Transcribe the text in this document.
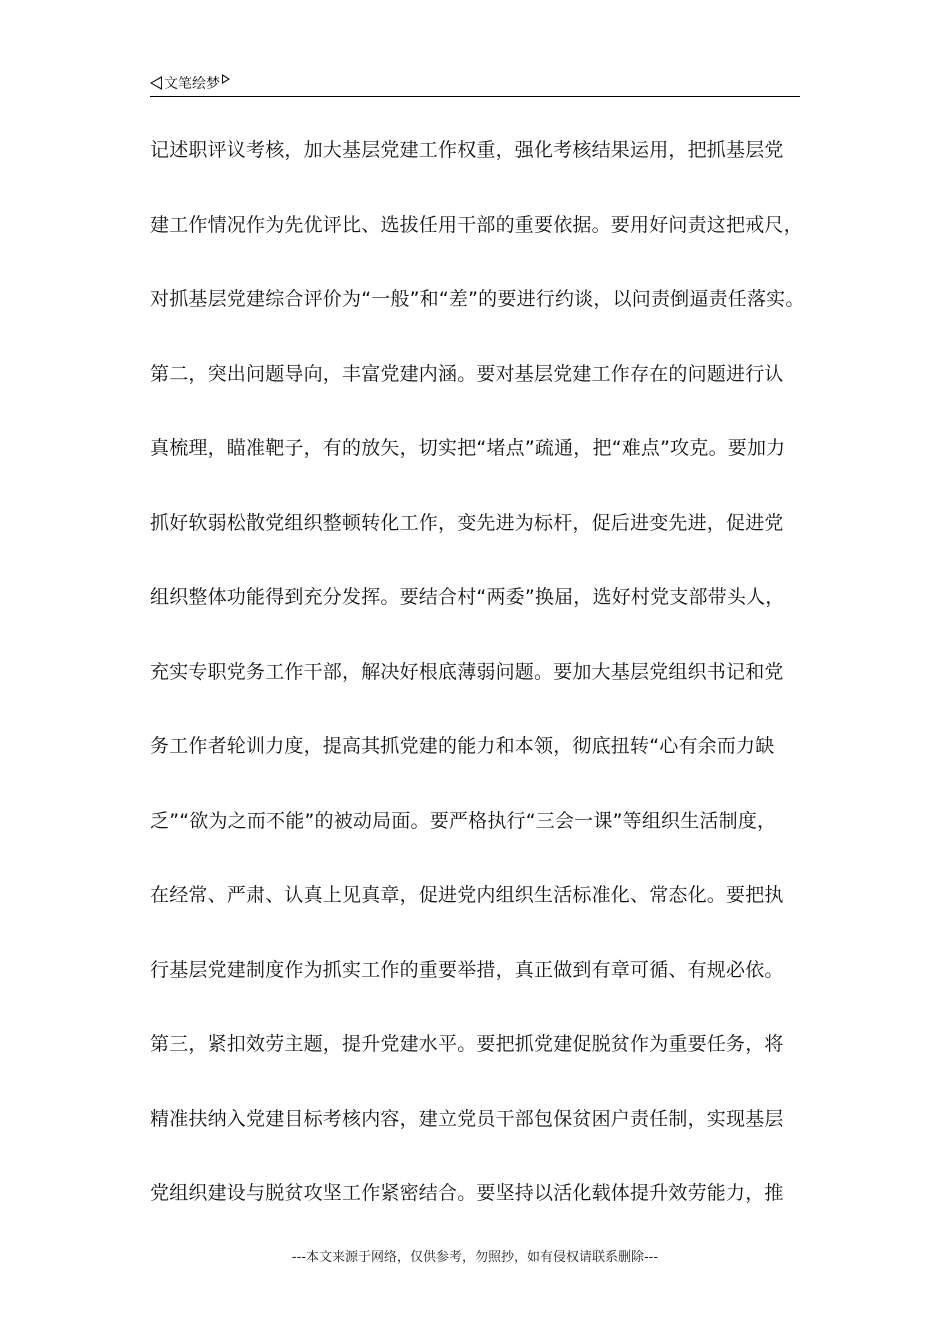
文笔绘梦
记述职评议考核，加大基层党建工作权重，强化考核结果运用，把抓基层党
建工作情况作为先优评比、选拔任用干部的重要依据。要用好问责这把戒尺，
对抓基层党建综合评价为“一般”和“差”的要进行约谈，以问责倒逼责任落实。
第二，突出问题导向，丰富党建内涵。要对基层党建工作存在的问题进行认
真梳理，瞄准靶子，有的放矢，切实把“堵点”疏通，把“难点”攻克。要加力
抓好软弱松散党组织整顿转化工作，变先进为标杆，促后进变先进，促进党
组织整体功能得到充分发挥。要结合村“两委”换届，选好村党支部带头人，
充实专职党务工作干部，解决好根底薄弱问题。要加大基层党组织书记和党
务工作者轮训力度，提高其抓党建的能力和本领，彻底扭转“心有余而力缺
乏”“欲为之而不能”的被动局面。要严格执行“三会一课”等组织生活制度，
在经常、严肃、认真上见真章，促进党内组织生活标准化、常态化。要把执
行基层党建制度作为抓实工作的重要举措，真正做到有章可循、有规必依。
第三，紧扣效劳主题，提升党建水平。要把抓党建促脱贫作为重要任务，将
精准扶纳入党建目标考核内容，建立党员干部包保贫困户责任制，实现基层
党组织建设与脱贫攻坚工作紧密结合。要坚持以活化载体提升效劳能力，推
---本文来源于网络，仅供参考，勿照抄，如有侵权请联系删除---
